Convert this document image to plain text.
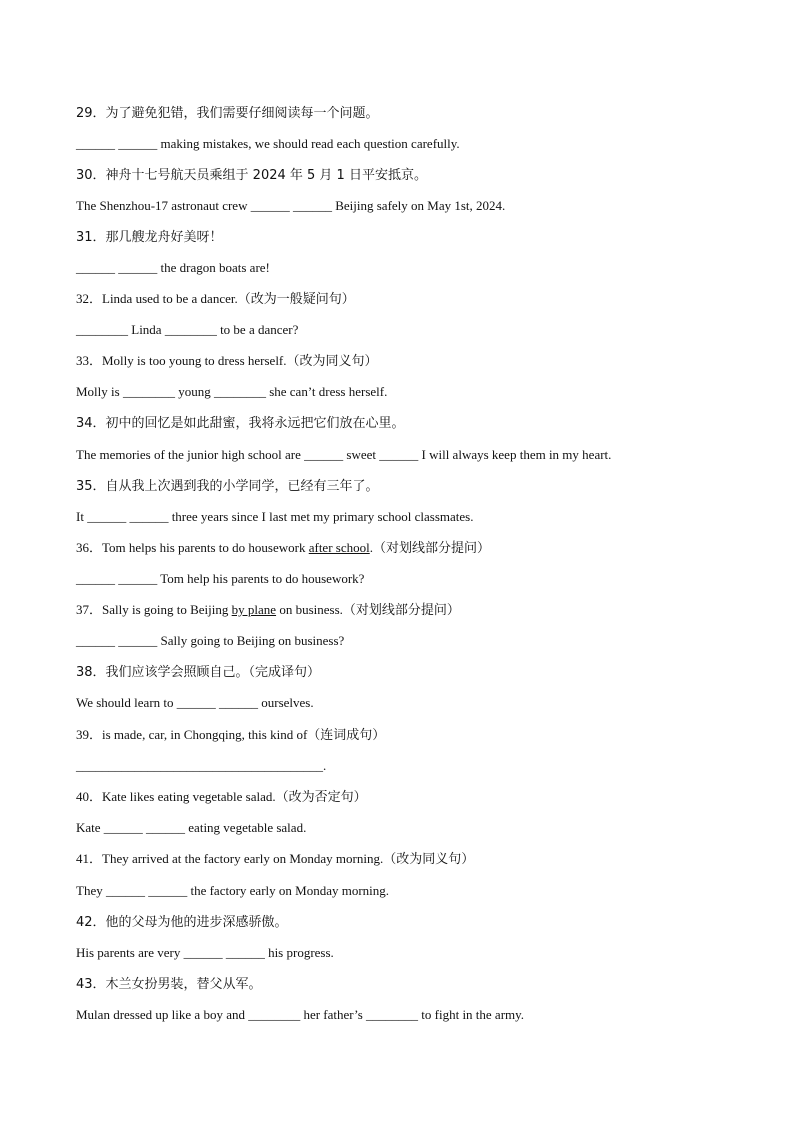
29．为了避免犯错，我们需要仔细阅读每一个问题。
______ ______ making mistakes, we should read each question carefully.
30．神舟十七号航天员乘组于 2024 年 5 月 1 日平安抵京。
The Shenzhou-17 astronaut crew ______ ______ Beijing safely on May 1st, 2024.
31．那几艘龙舟好美呀！
______ ______ the dragon boats are!
32．Linda used to be a dancer.（改为一般疑问句）
________ Linda ________ to be a dancer?
33．Molly is too young to dress herself.（改为同义句）
Molly is ________ young ________ she can’t dress herself.
34．初中的回忆是如此甜蜜，我将永远把它们放在心里。
The memories of the junior high school are ______ sweet ______ I will always keep them in my heart.
35．自从我上次遇到我的小学同学，已经有三年了。
It ______ ______ three years since I last met my primary school classmates.
36．Tom helps his parents to do housework after school.（对划线部分提问）
______ ______ Tom help his parents to do housework?
37．Sally is going to Beijing by plane on business.（对划线部分提问）
______ ______ Sally going to Beijing on business?
38．我们应该学会照顾自己。（完成译句）
We should learn to ______ ______ ourselves.
39．is made, car, in Chongqing, this kind of（连词成句）
______________________________________.
40．Kate likes eating vegetable salad.（改为否定句）
Kate ______ ______ eating vegetable salad.
41．They arrived at the factory early on Monday morning.（改为同义句）
They ______ ______ the factory early on Monday morning.
42．他的父母为他的进步深感骄傲。
His parents are very ______ ______ his progress.
43．木兰女扮男装，替父从军。
Mulan dressed up like a boy and ________ her father’s ________ to fight in the army.
